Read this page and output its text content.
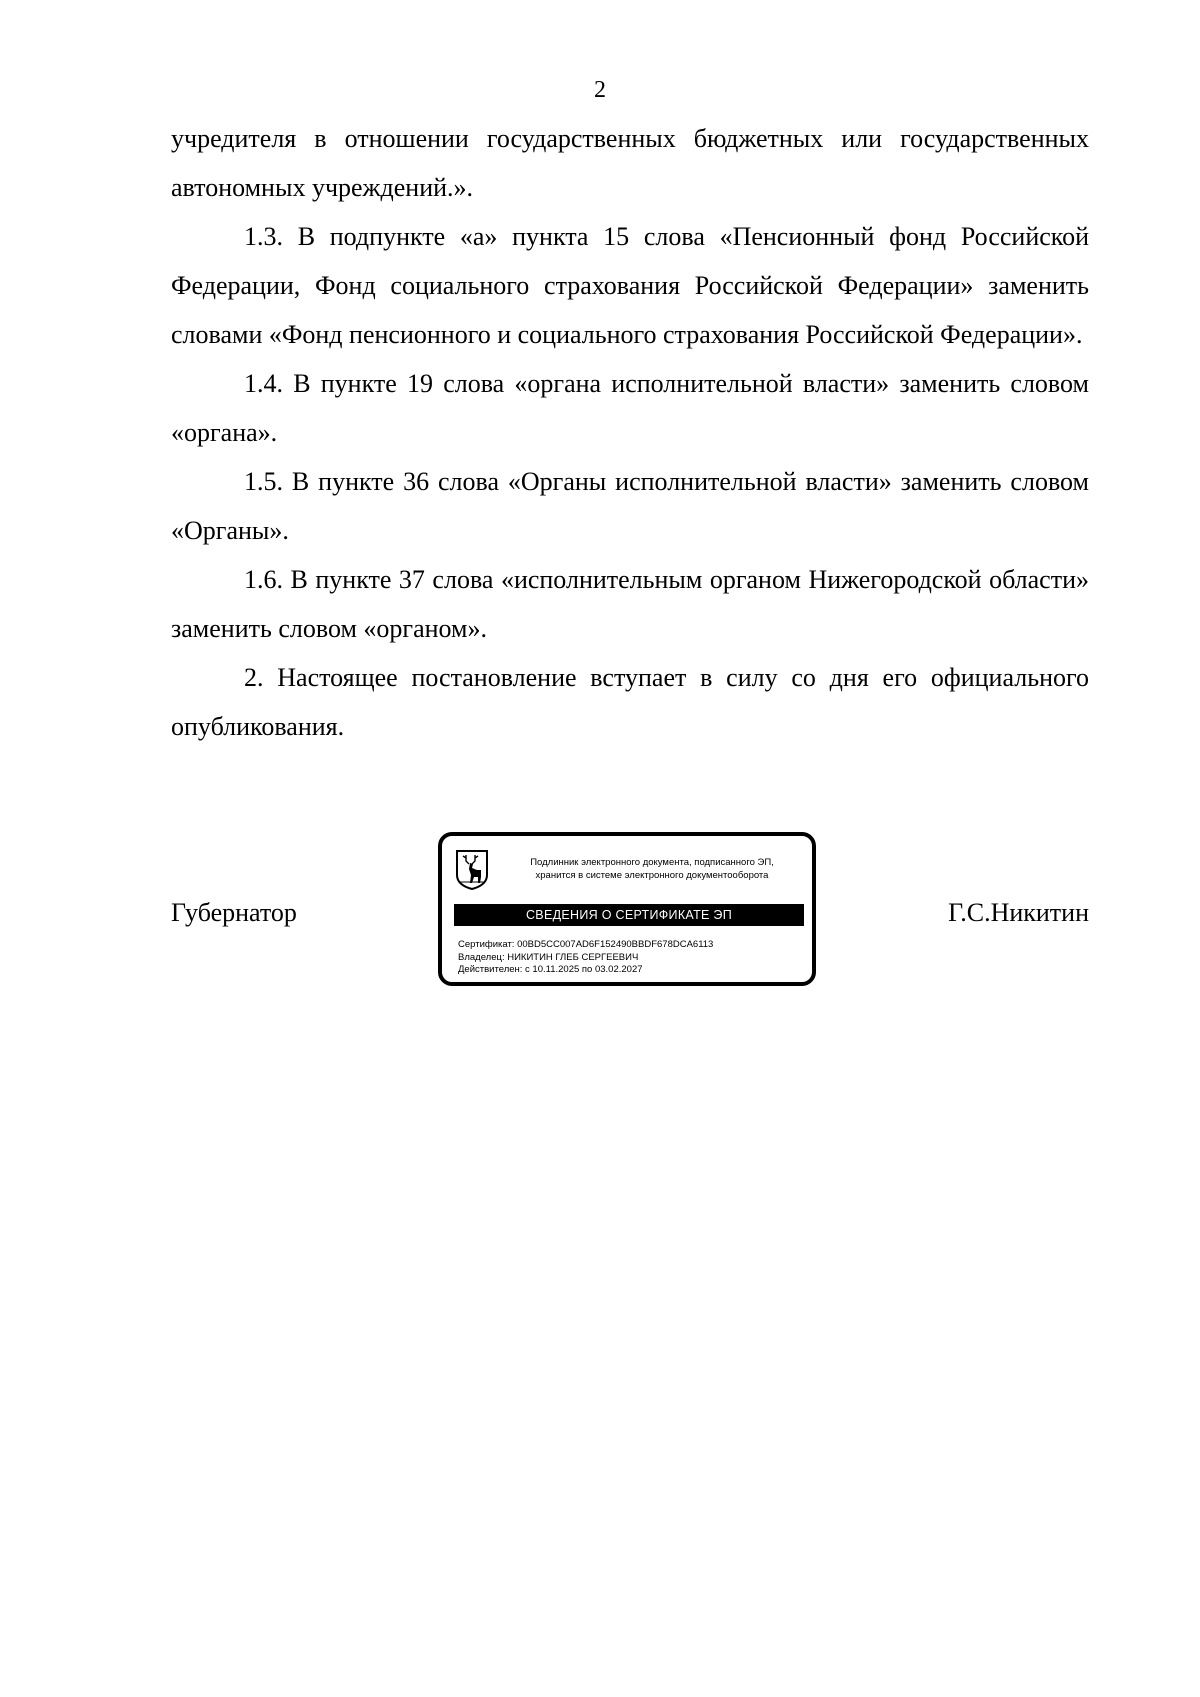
2

учредителя в отношении государственных бюджетных или государственных автономных учреждений.».

1.3. В подпункте «а» пункта 15 слова «Пенсионный фонд Российской Федерации, Фонд социального страхования Российской Федерации» заменить словами «Фонд пенсионного и социального страхования Российской Федерации».

1.4. В пункте 19 слова «органа исполнительной власти» заменить словом «органа».

1.5. В пункте 36 слова «Органы исполнительной власти» заменить словом «Органы».

1.6. В пункте 37 слова «исполнительным органом Нижегородской области» заменить словом «органом».

2. Настоящее постановление вступает в силу со дня его официального опубликования.

Губернатор
Подлинник электронного документа, подписанного ЭП,
хранится в системе электронного документооборота
СВЕДЕНИЯ О СЕРТИФИКАТЕ ЭП
Сертификат: 00BD5CC007AD6F152490BBDF678DCA6113
Владелец: НИКИТИН ГЛЕБ СЕРГЕЕВИЧ
Действителен: с 10.11.2025 по 03.02.2027
Г.С.Никитин
